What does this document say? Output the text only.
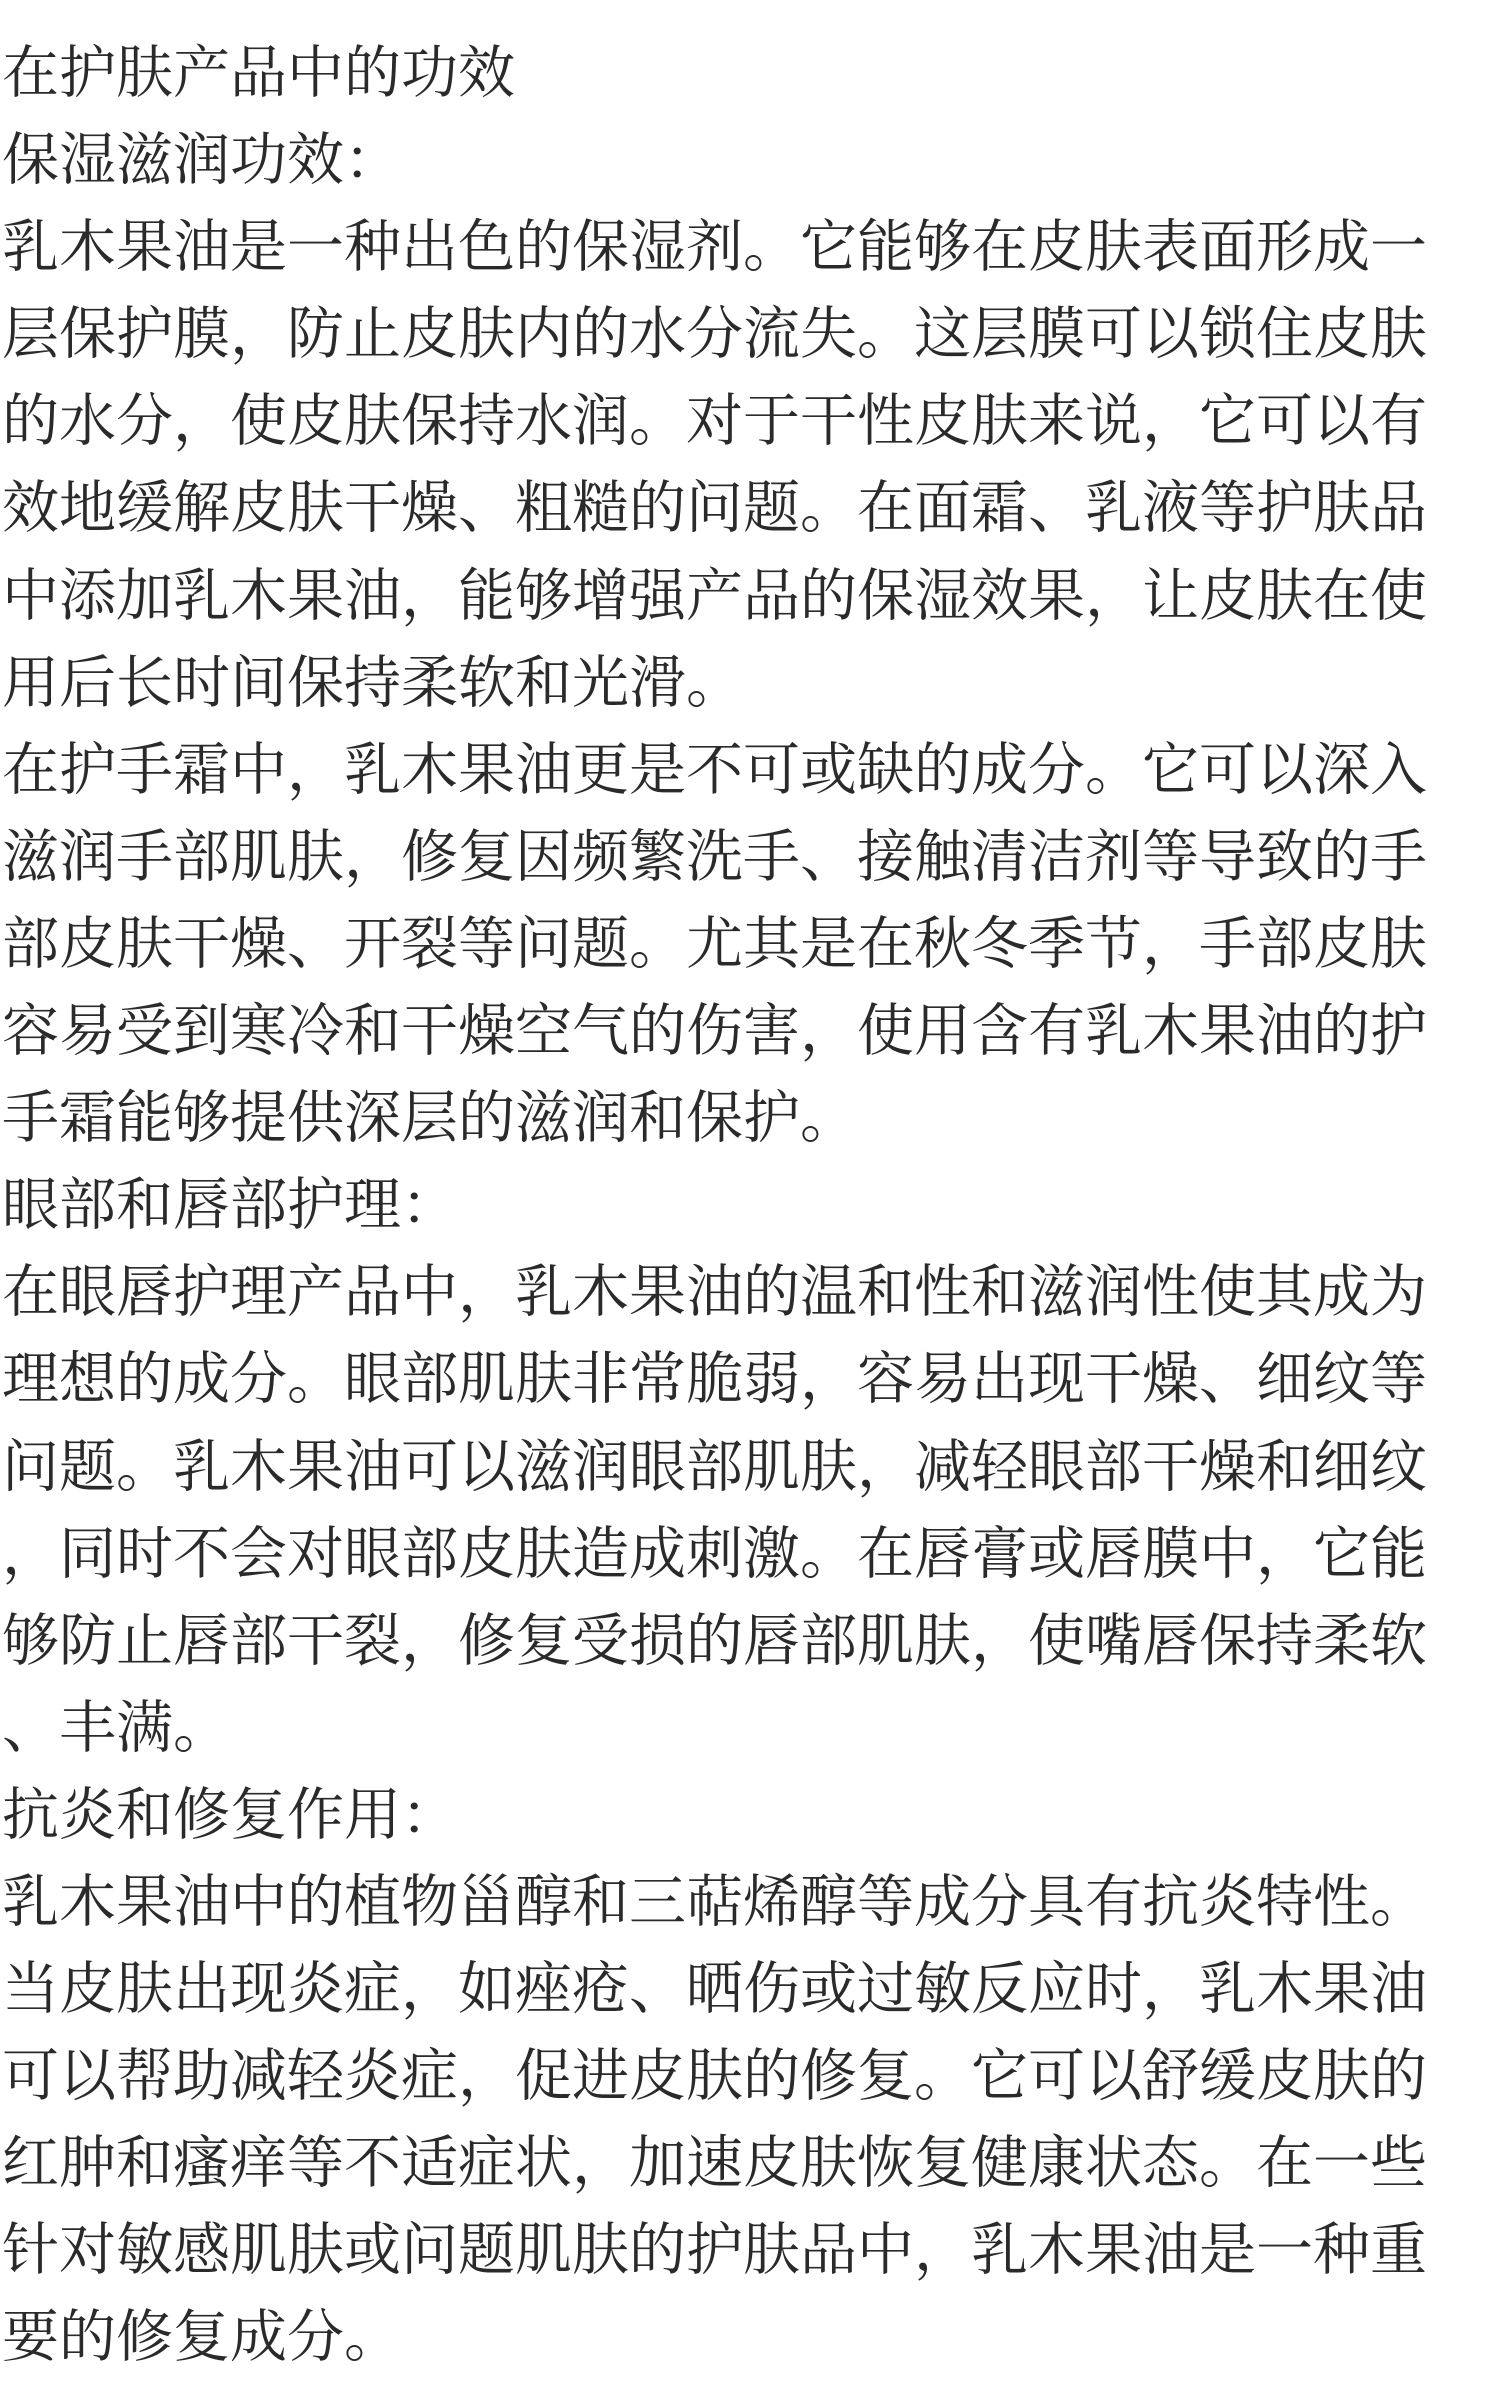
在护肤产品中的功效
保湿滋润功效：
乳木果油是一种出色的保湿剂。它能够在皮肤表面形成一
层保护膜，防止皮肤内的水分流失。这层膜可以锁住皮肤
的水分，使皮肤保持水润。对于干性皮肤来说，它可以有
效地缓解皮肤干燥、粗糙的问题。在面霜、乳液等护肤品
中添加乳木果油，能够增强产品的保湿效果，让皮肤在使
用后长时间保持柔软和光滑。
在护手霜中，乳木果油更是不可或缺的成分。它可以深入
滋润手部肌肤，修复因频繁洗手、接触清洁剂等导致的手
部皮肤干燥、开裂等问题。尤其是在秋冬季节，手部皮肤
容易受到寒冷和干燥空气的伤害，使用含有乳木果油的护
手霜能够提供深层的滋润和保护。
眼部和唇部护理：
在眼唇护理产品中，乳木果油的温和性和滋润性使其成为
理想的成分。眼部肌肤非常脆弱，容易出现干燥、细纹等
问题。乳木果油可以滋润眼部肌肤，减轻眼部干燥和细纹
，同时不会对眼部皮肤造成刺激。在唇膏或唇膜中，它能
够防止唇部干裂，修复受损的唇部肌肤，使嘴唇保持柔软
、丰满。
抗炎和修复作用：
乳木果油中的植物甾醇和三萜烯醇等成分具有抗炎特性。
当皮肤出现炎症，如痤疮、晒伤或过敏反应时，乳木果油
可以帮助减轻炎症，促进皮肤的修复。它可以舒缓皮肤的
红肿和瘙痒等不适症状，加速皮肤恢复健康状态。在一些
针对敏感肌肤或问题肌肤的护肤品中，乳木果油是一种重
要的修复成分。
